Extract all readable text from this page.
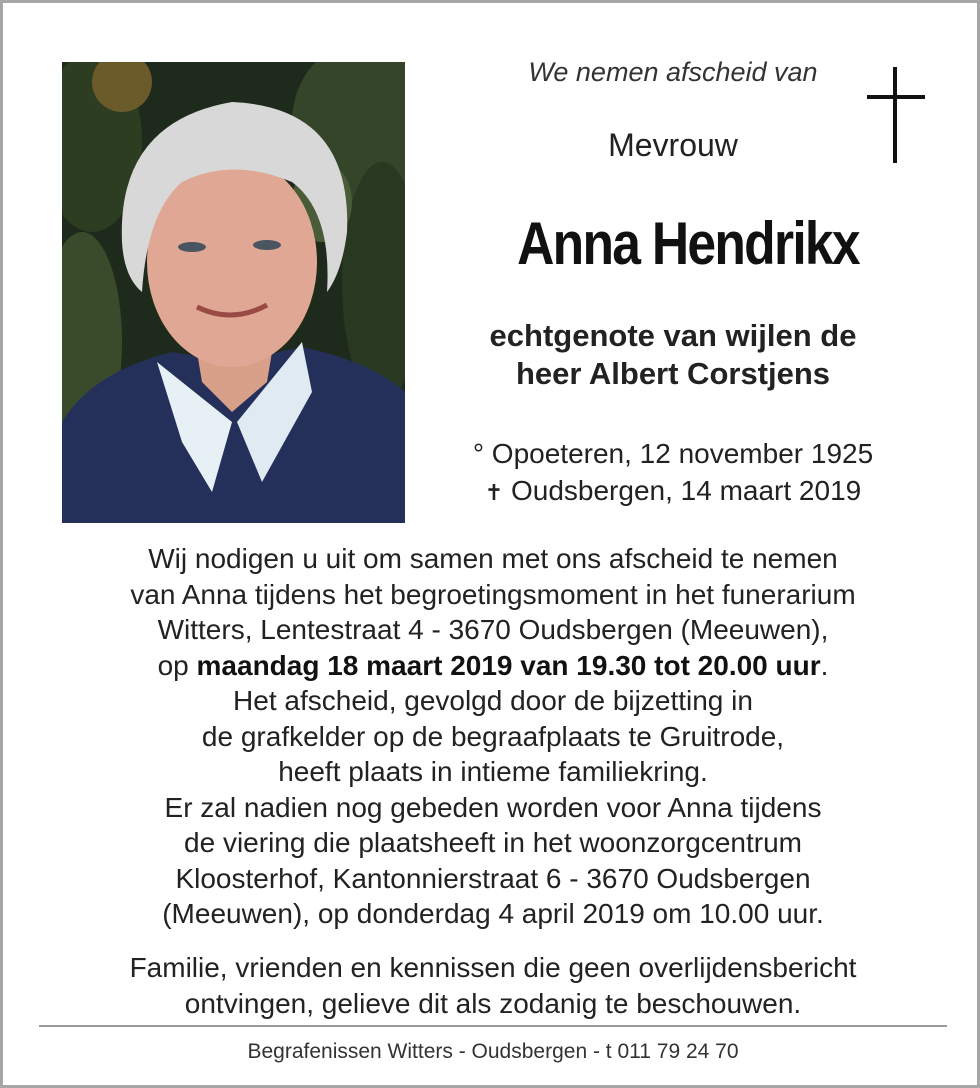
We nemen afscheid van
Mevrouw
Anna Hendrikx
echtgenote van wijlen de
heer Albert Corstjens
° Opoeteren, 12 november 1925
✝ Oudsbergen, 14 maart 2019
Wij nodigen u uit om samen met ons afscheid te nemen
van Anna tijdens het begroetingsmoment in het funerarium
Witters, Lentestraat 4 - 3670 Oudsbergen (Meeuwen),
op maandag 18 maart 2019 van 19.30 tot 20.00 uur.
Het afscheid, gevolgd door de bijzetting in
de grafkelder op de begraafplaats te Gruitrode,
heeft plaats in intieme familiekring.
Er zal nadien nog gebeden worden voor Anna tijdens
de viering die plaatsheeft in het woonzorgcentrum
Kloosterhof, Kantonnierstraat 6 - 3670 Oudsbergen
(Meeuwen), op donderdag 4 april 2019 om 10.00 uur.
Familie, vrienden en kennissen die geen overlijdensbericht
ontvingen, gelieve dit als zodanig te beschouwen.
Begrafenissen Witters - Oudsbergen - t 011 79 24 70
